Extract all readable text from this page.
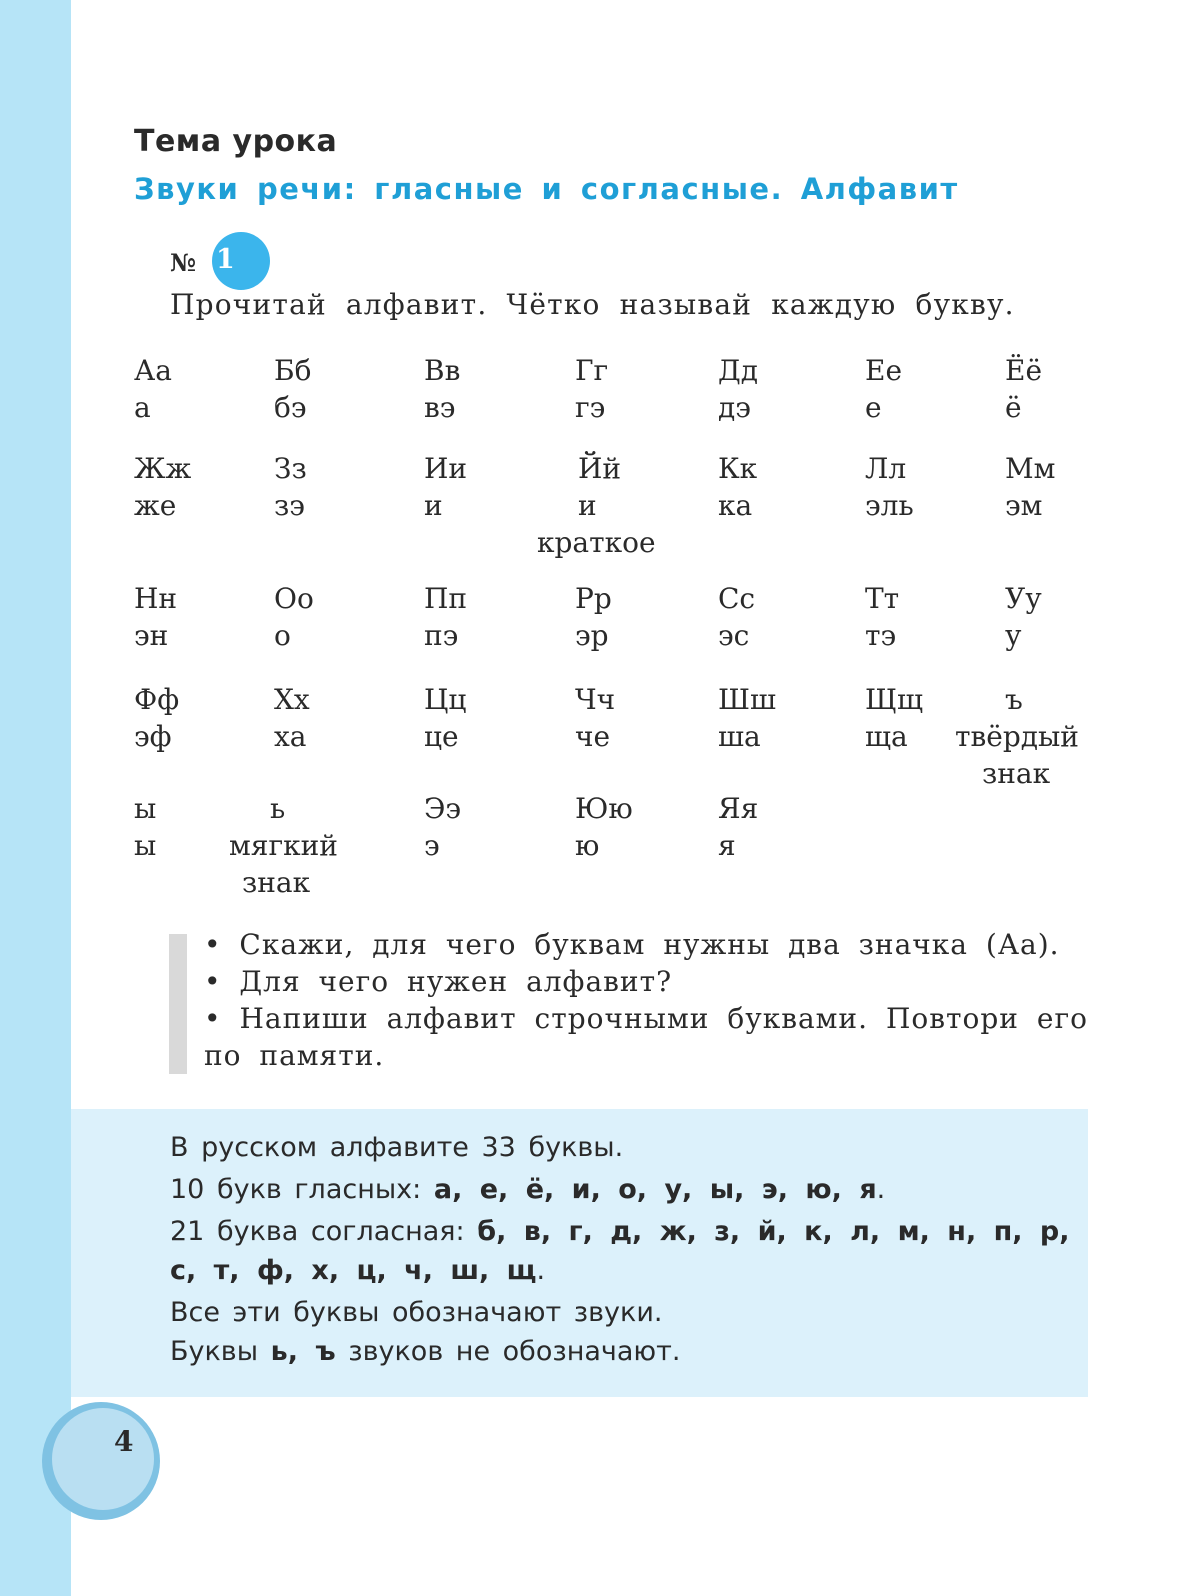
Тема урока
Звуки речи: гласные и согласные. Алфавит
№ 1
Прочитай алфавит. Чётко называй каждую букву.
Аа
а
Бб
бэ
Вв
вэ
Гг
гэ
Дд
дэ
Ее
е
Ёё
ё
Жж
же
Зз
зэ
Ии
и
Йй
и
краткое
Кк
ка
Лл
эль
Мм
эм
Нн
эн
Оо
о
Пп
пэ
Рр
эр
Сс
эс
Тт
тэ
Уу
у
Фф
эф
Хх
ха
Цц
це
Чч
че
Шш
ша
Щщ
ща
ъ
твёрдый
знак
ы
ы
ь
мягкий
знак
Ээ
э
Юю
ю
Яя
я
• Скажи, для чего буквам нужны два значка (Аа).
• Для чего нужен алфавит?
• Напиши алфавит строчными буквами. Повтори его
по памяти.
В русском алфавите 33 буквы.
10 букв гласных: а, е, ё, и, о, у, ы, э, ю, я.
21 буква согласная: б, в, г, д, ж, з, й, к, л, м, н, п, р,
с, т, ф, х, ц, ч, ш, щ.
Все эти буквы обозначают звуки.
Буквы ь, ъ звуков не обозначают.
4
